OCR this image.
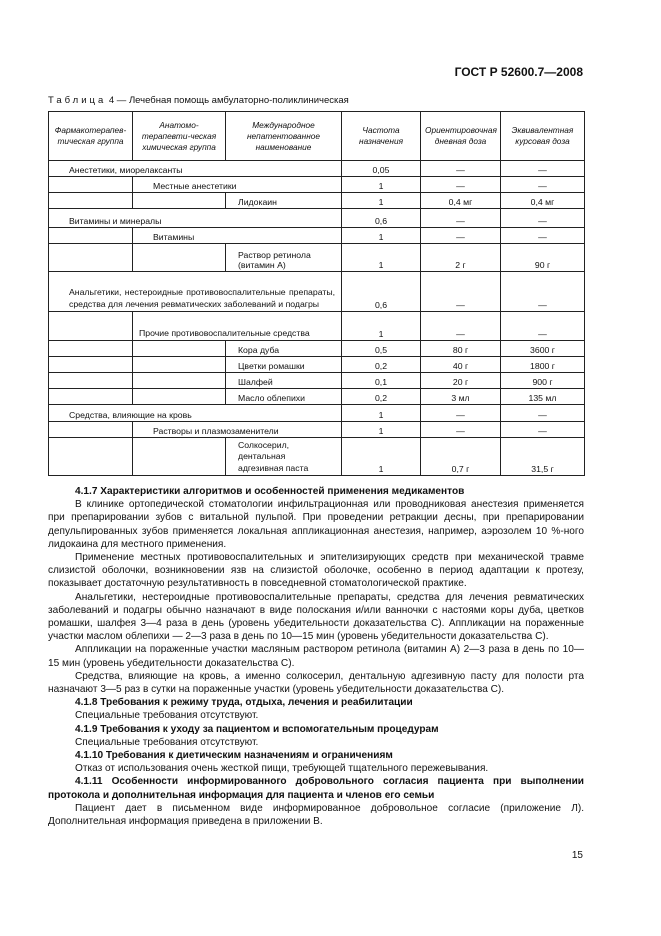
ГОСТ Р 52600.7—2008
Таблица 4 — Лечебная помощь амбулаторно-поликлиническая
Фармакотерапев-тическая группа	Анатомо-терапевти-ческая химическая группа	Международное непатентованное наименование	Частота назначения	Ориентировочная дневная доза	Эквивалентная курсовая доза
Анестетики, миорелаксанты			0,05	—	—
	Местные анестетики		1	—	—
		Лидокаин	1	0,4 мг	0,4 мг
Витамины и минералы			0,6	—	—
	Витамины		1	—	—
		Раствор ретинола (витамин А)	1	2 г	90 г
Анальгетики, нестероидные противовоспалительные препараты, средства для лечения ревматических заболеваний и подагры			0,6	—	—
	Прочие противовоспалительные средства		1	—	—
		Кора дуба	0,5	80 г	3600 г
		Цветки ромашки	0,2	40 г	1800 г
		Шалфей	0,1	20 г	900 г
		Масло облепихи	0,2	3 мл	135 мл
Средства, влияющие на кровь			1	—	—
	Растворы и плазмозаменители		1	—	—
		Солкосерил, дентальная адгезивная паста	1	0,7 г	31,5 г

4.1.7 Характеристики алгоритмов и особенностей применения медикаментов

В клинике ортопедической стоматологии инфильтрационная или проводниковая анестезия применяется при препарировании зубов с витальной пульпой. При проведении ретракции десны, при препарировании депульпированных зубов применяется локальная аппликационная анестезия, например, аэрозолем 10 %-ного лидокаина для местного применения.

Применение местных противовоспалительных и эпителизирующих средств при механической травме слизистой оболочки, возникновении язв на слизистой оболочке, особенно в период адаптации к протезу, показывает достаточную результативность в повседневной стоматологической практике.

Анальгетики, нестероидные противовоспалительные препараты, средства для лечения ревматических заболеваний и подагры обычно назначают в виде полоскания и/или ванночки с настоями коры дуба, цветков ромашки, шалфея 3—4 раза в день (уровень убедительности доказательства С). Аппликации на пораженные участки маслом облепихи — 2—3 раза в день по 10—15 мин (уровень убедительности доказательства С).

Аппликации на пораженные участки масляным раствором ретинола (витамин А) 2—3 раза в день по 10—15 мин (уровень убедительности доказательства С).

Средства, влияющие на кровь, а именно солкосерил, дентальную адгезивную пасту для полости рта назначают 3—5 раз в сутки на пораженные участки (уровень убедительности доказательства С).

4.1.8 Требования к режиму труда, отдыха, лечения и реабилитации

Специальные требования отсутствуют.

4.1.9 Требования к уходу за пациентом и вспомогательным процедурам

Специальные требования отсутствуют.

4.1.10 Требования к диетическим назначениям и ограничениям

Отказ от использования очень жесткой пищи, требующей тщательного пережевывания.

4.1.11 Особенности информированного добровольного согласия пациента при выполнении протокола и дополнительная информация для пациента и членов его семьи

Пациент дает в письменном виде информированное добровольное согласие (приложение Л). Дополнительная информация приведена в приложении В.

15
